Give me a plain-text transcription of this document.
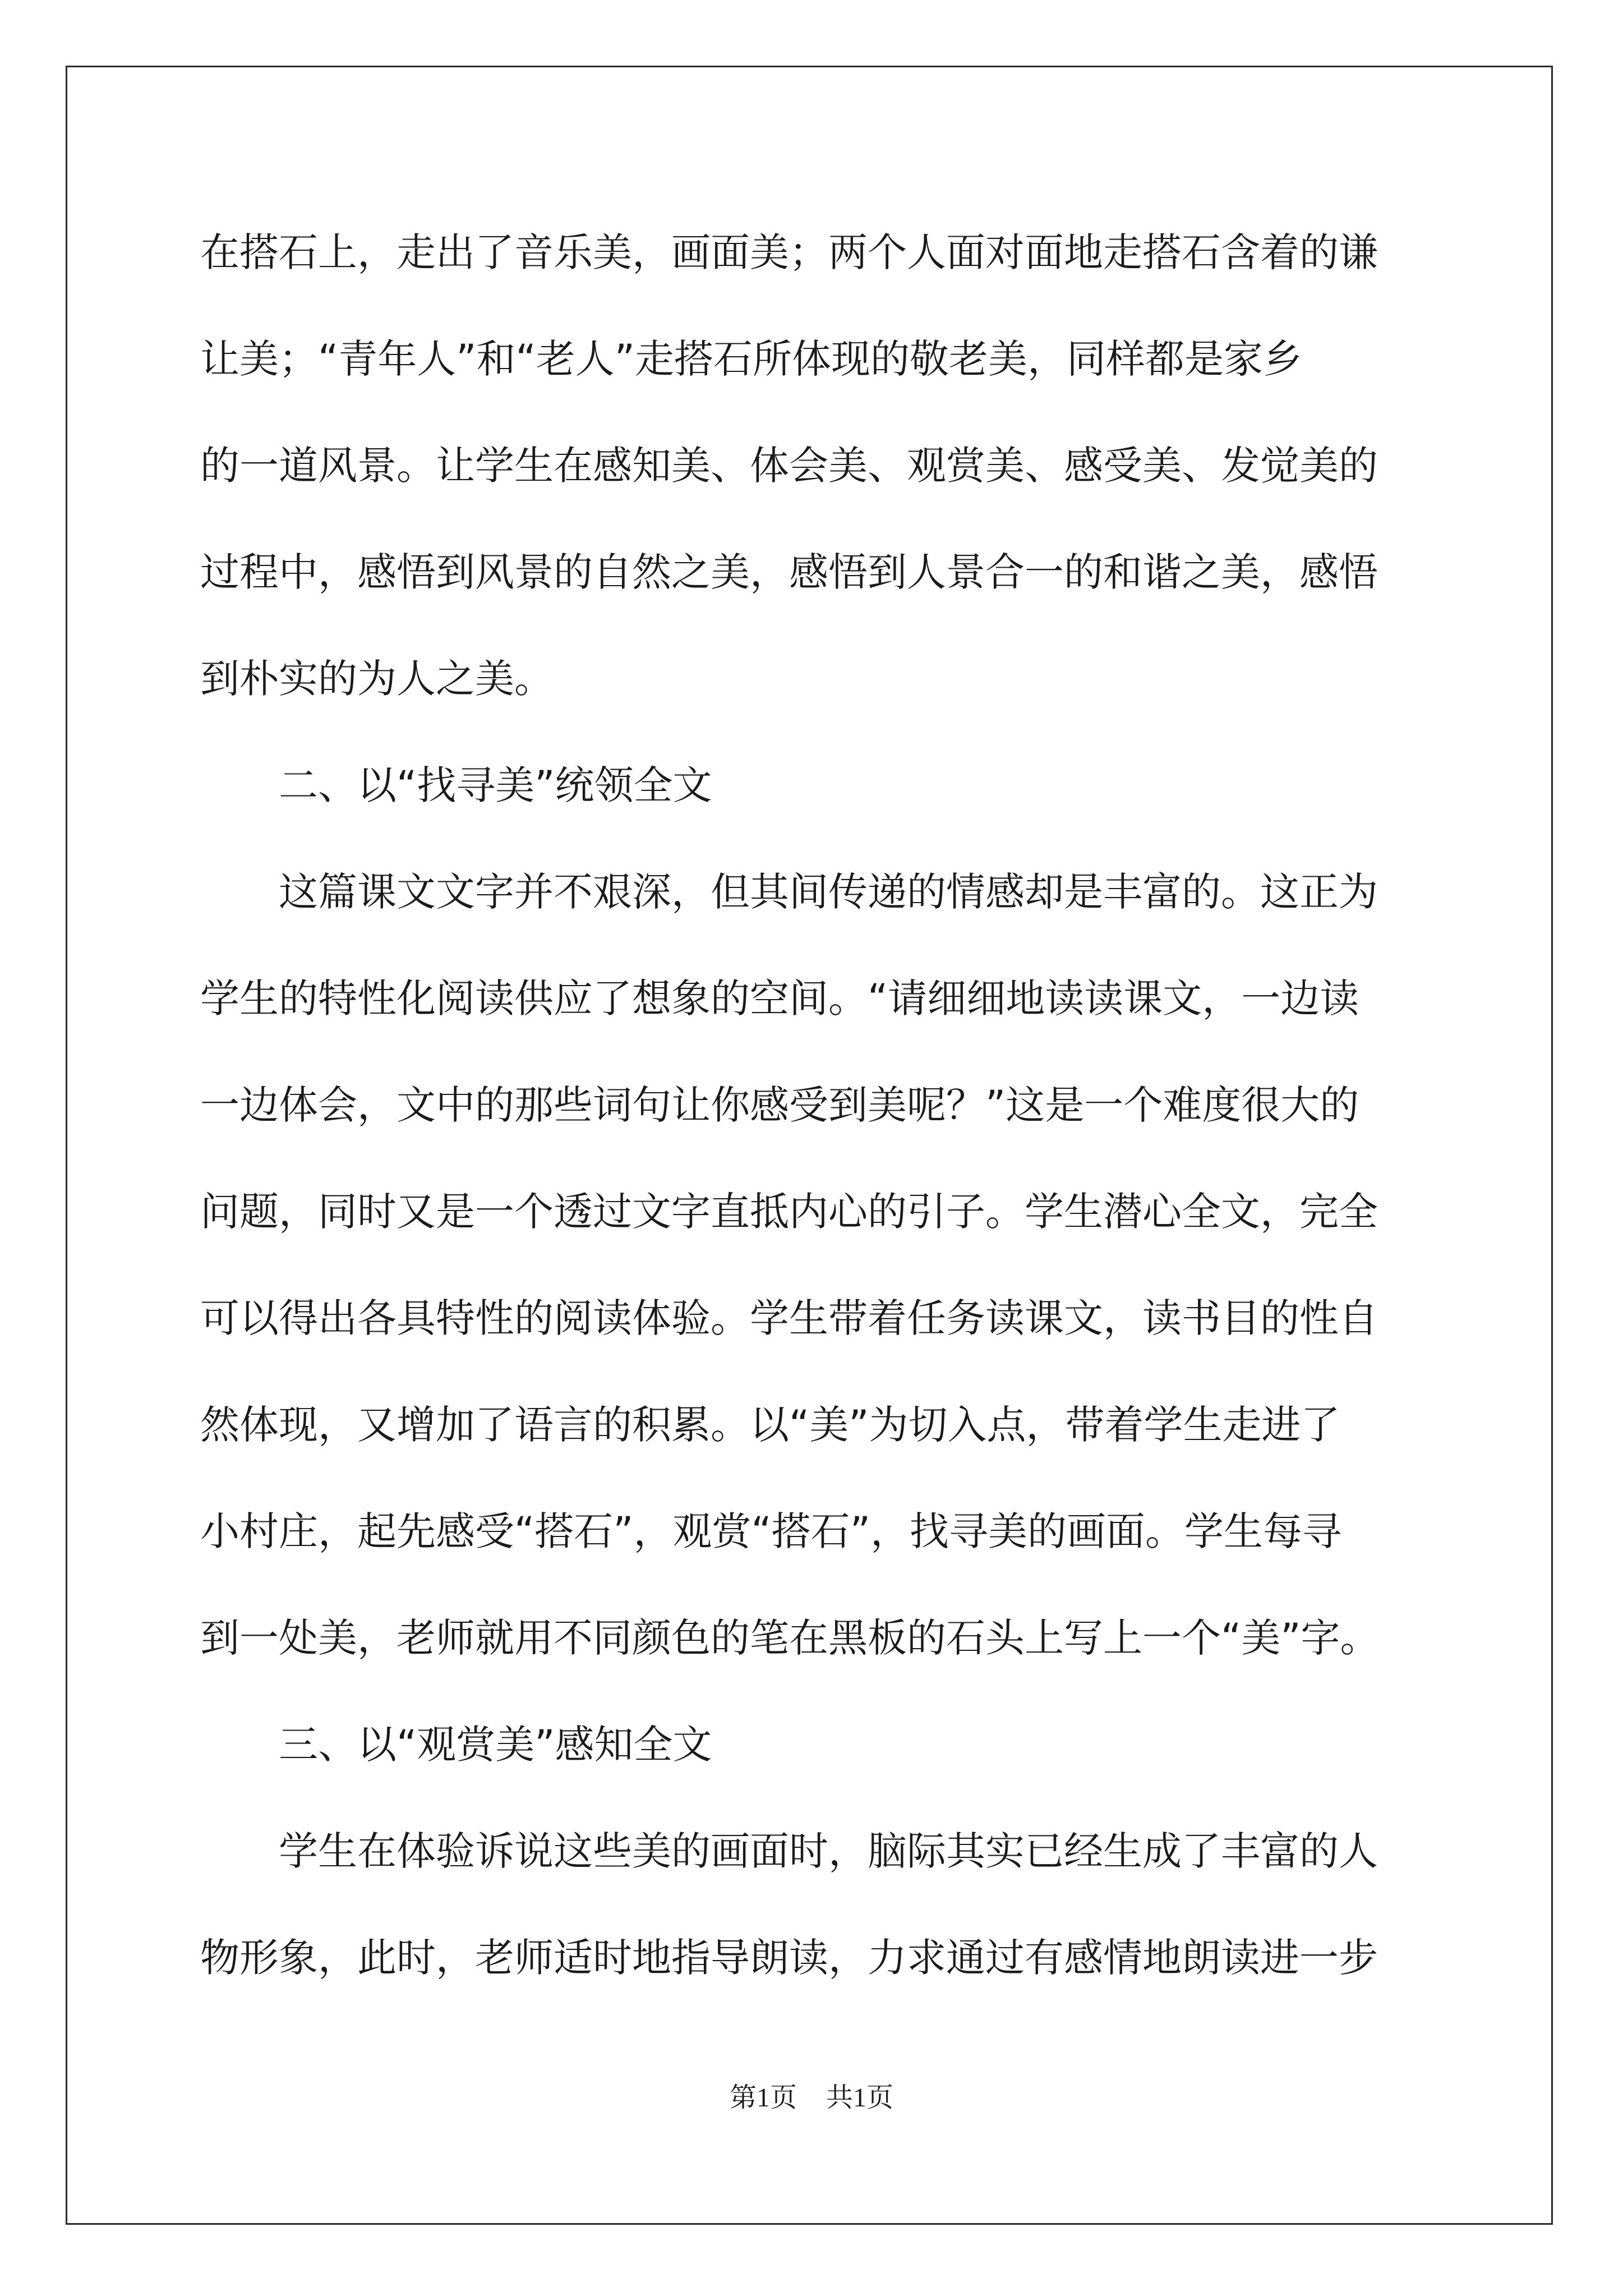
在搭石上，走出了音乐美，画面美；两个人面对面地走搭石含着的谦
让美；“青年人”和“老人”走搭石所体现的敬老美，同样都是家乡
的一道风景。让学生在感知美、体会美、观赏美、感受美、发觉美的
过程中，感悟到风景的自然之美，感悟到人景合一的和谐之美，感悟
到朴实的为人之美。
二、以“找寻美”统领全文
这篇课文文字并不艰深，但其间传递的情感却是丰富的。这正为
学生的特性化阅读供应了想象的空间。“请细细地读读课文，一边读
一边体会，文中的那些词句让你感受到美呢？”这是一个难度很大的
问题，同时又是一个透过文字直抵内心的引子。学生潜心全文，完全
可以得出各具特性的阅读体验。学生带着任务读课文，读书目的性自
然体现，又增加了语言的积累。以“美”为切入点，带着学生走进了
小村庄，起先感受“搭石”，观赏“搭石”，找寻美的画面。学生每寻
到一处美，老师就用不同颜色的笔在黑板的石头上写上一个“美”字。
三、以“观赏美”感知全文
学生在体验诉说这些美的画面时，脑际其实已经生成了丰富的人
物形象，此时，老师适时地指导朗读，力求通过有感情地朗读进一步
第1页 共1页
